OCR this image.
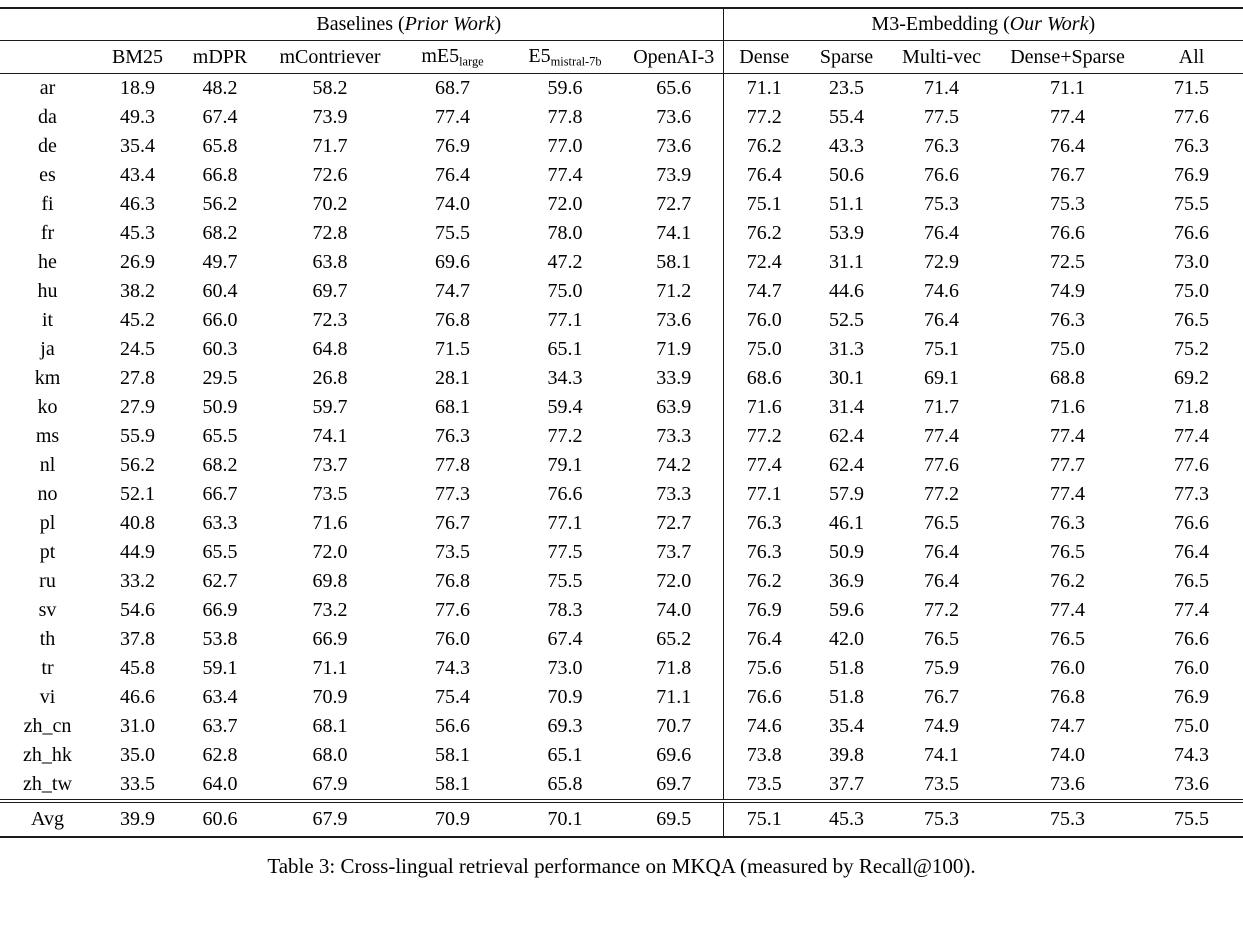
	Baselines (Prior Work)						M3-Embedding (Our Work)				
	BM25	mDPR	mContriever	$mE5_{large}$	$E5_{mistral-7b}$	OpenAI-3	Dense	Sparse	Multi-vec	Dense+Sparse	All
ar	18.9	48.2	58.2	68.7	59.6	65.6	71.1	23.5	71.4	71.1	71.5
da	49.3	67.4	73.9	77.4	77.8	73.6	77.2	55.4	77.5	77.4	77.6
de	35.4	65.8	71.7	76.9	77.0	73.6	76.2	43.3	76.3	76.4	76.3
es	43.4	66.8	72.6	76.4	77.4	73.9	76.4	50.6	76.6	76.7	76.9
fi	46.3	56.2	70.2	74.0	72.0	72.7	75.1	51.1	75.3	75.3	75.5
fr	45.3	68.2	72.8	75.5	78.0	74.1	76.2	53.9	76.4	76.6	76.6
he	26.9	49.7	63.8	69.6	47.2	58.1	72.4	31.1	72.9	72.5	73.0
hu	38.2	60.4	69.7	74.7	75.0	71.2	74.7	44.6	74.6	74.9	75.0
it	45.2	66.0	72.3	76.8	77.1	73.6	76.0	52.5	76.4	76.3	76.5
ja	24.5	60.3	64.8	71.5	65.1	71.9	75.0	31.3	75.1	75.0	75.2
km	27.8	29.5	26.8	28.1	34.3	33.9	68.6	30.1	69.1	68.8	69.2
ko	27.9	50.9	59.7	68.1	59.4	63.9	71.6	31.4	71.7	71.6	71.8
ms	55.9	65.5	74.1	76.3	77.2	73.3	77.2	62.4	77.4	77.4	77.4
nl	56.2	68.2	73.7	77.8	79.1	74.2	77.4	62.4	77.6	77.7	77.6
no	52.1	66.7	73.5	77.3	76.6	73.3	77.1	57.9	77.2	77.4	77.3
pl	40.8	63.3	71.6	76.7	77.1	72.7	76.3	46.1	76.5	76.3	76.6
pt	44.9	65.5	72.0	73.5	77.5	73.7	76.3	50.9	76.4	76.5	76.4
ru	33.2	62.7	69.8	76.8	75.5	72.0	76.2	36.9	76.4	76.2	76.5
sv	54.6	66.9	73.2	77.6	78.3	74.0	76.9	59.6	77.2	77.4	77.4
th	37.8	53.8	66.9	76.0	67.4	65.2	76.4	42.0	76.5	76.5	76.6
tr	45.8	59.1	71.1	74.3	73.0	71.8	75.6	51.8	75.9	76.0	76.0
vi	46.6	63.4	70.9	75.4	70.9	71.1	76.6	51.8	76.7	76.8	76.9
zh_cn	31.0	63.7	68.1	56.6	69.3	70.7	74.6	35.4	74.9	74.7	75.0
zh_hk	35.0	62.8	68.0	58.1	65.1	69.6	73.8	39.8	74.1	74.0	74.3
zh_tw	33.5	64.0	67.9	58.1	65.8	69.7	73.5	37.7	73.5	73.6	73.6
Avg	39.9	60.6	67.9	70.9	70.1	69.5	75.1	45.3	75.3	75.3	75.5
Table 3: Cross-lingual retrieval performance on MKQA (measured by Recall@100).
